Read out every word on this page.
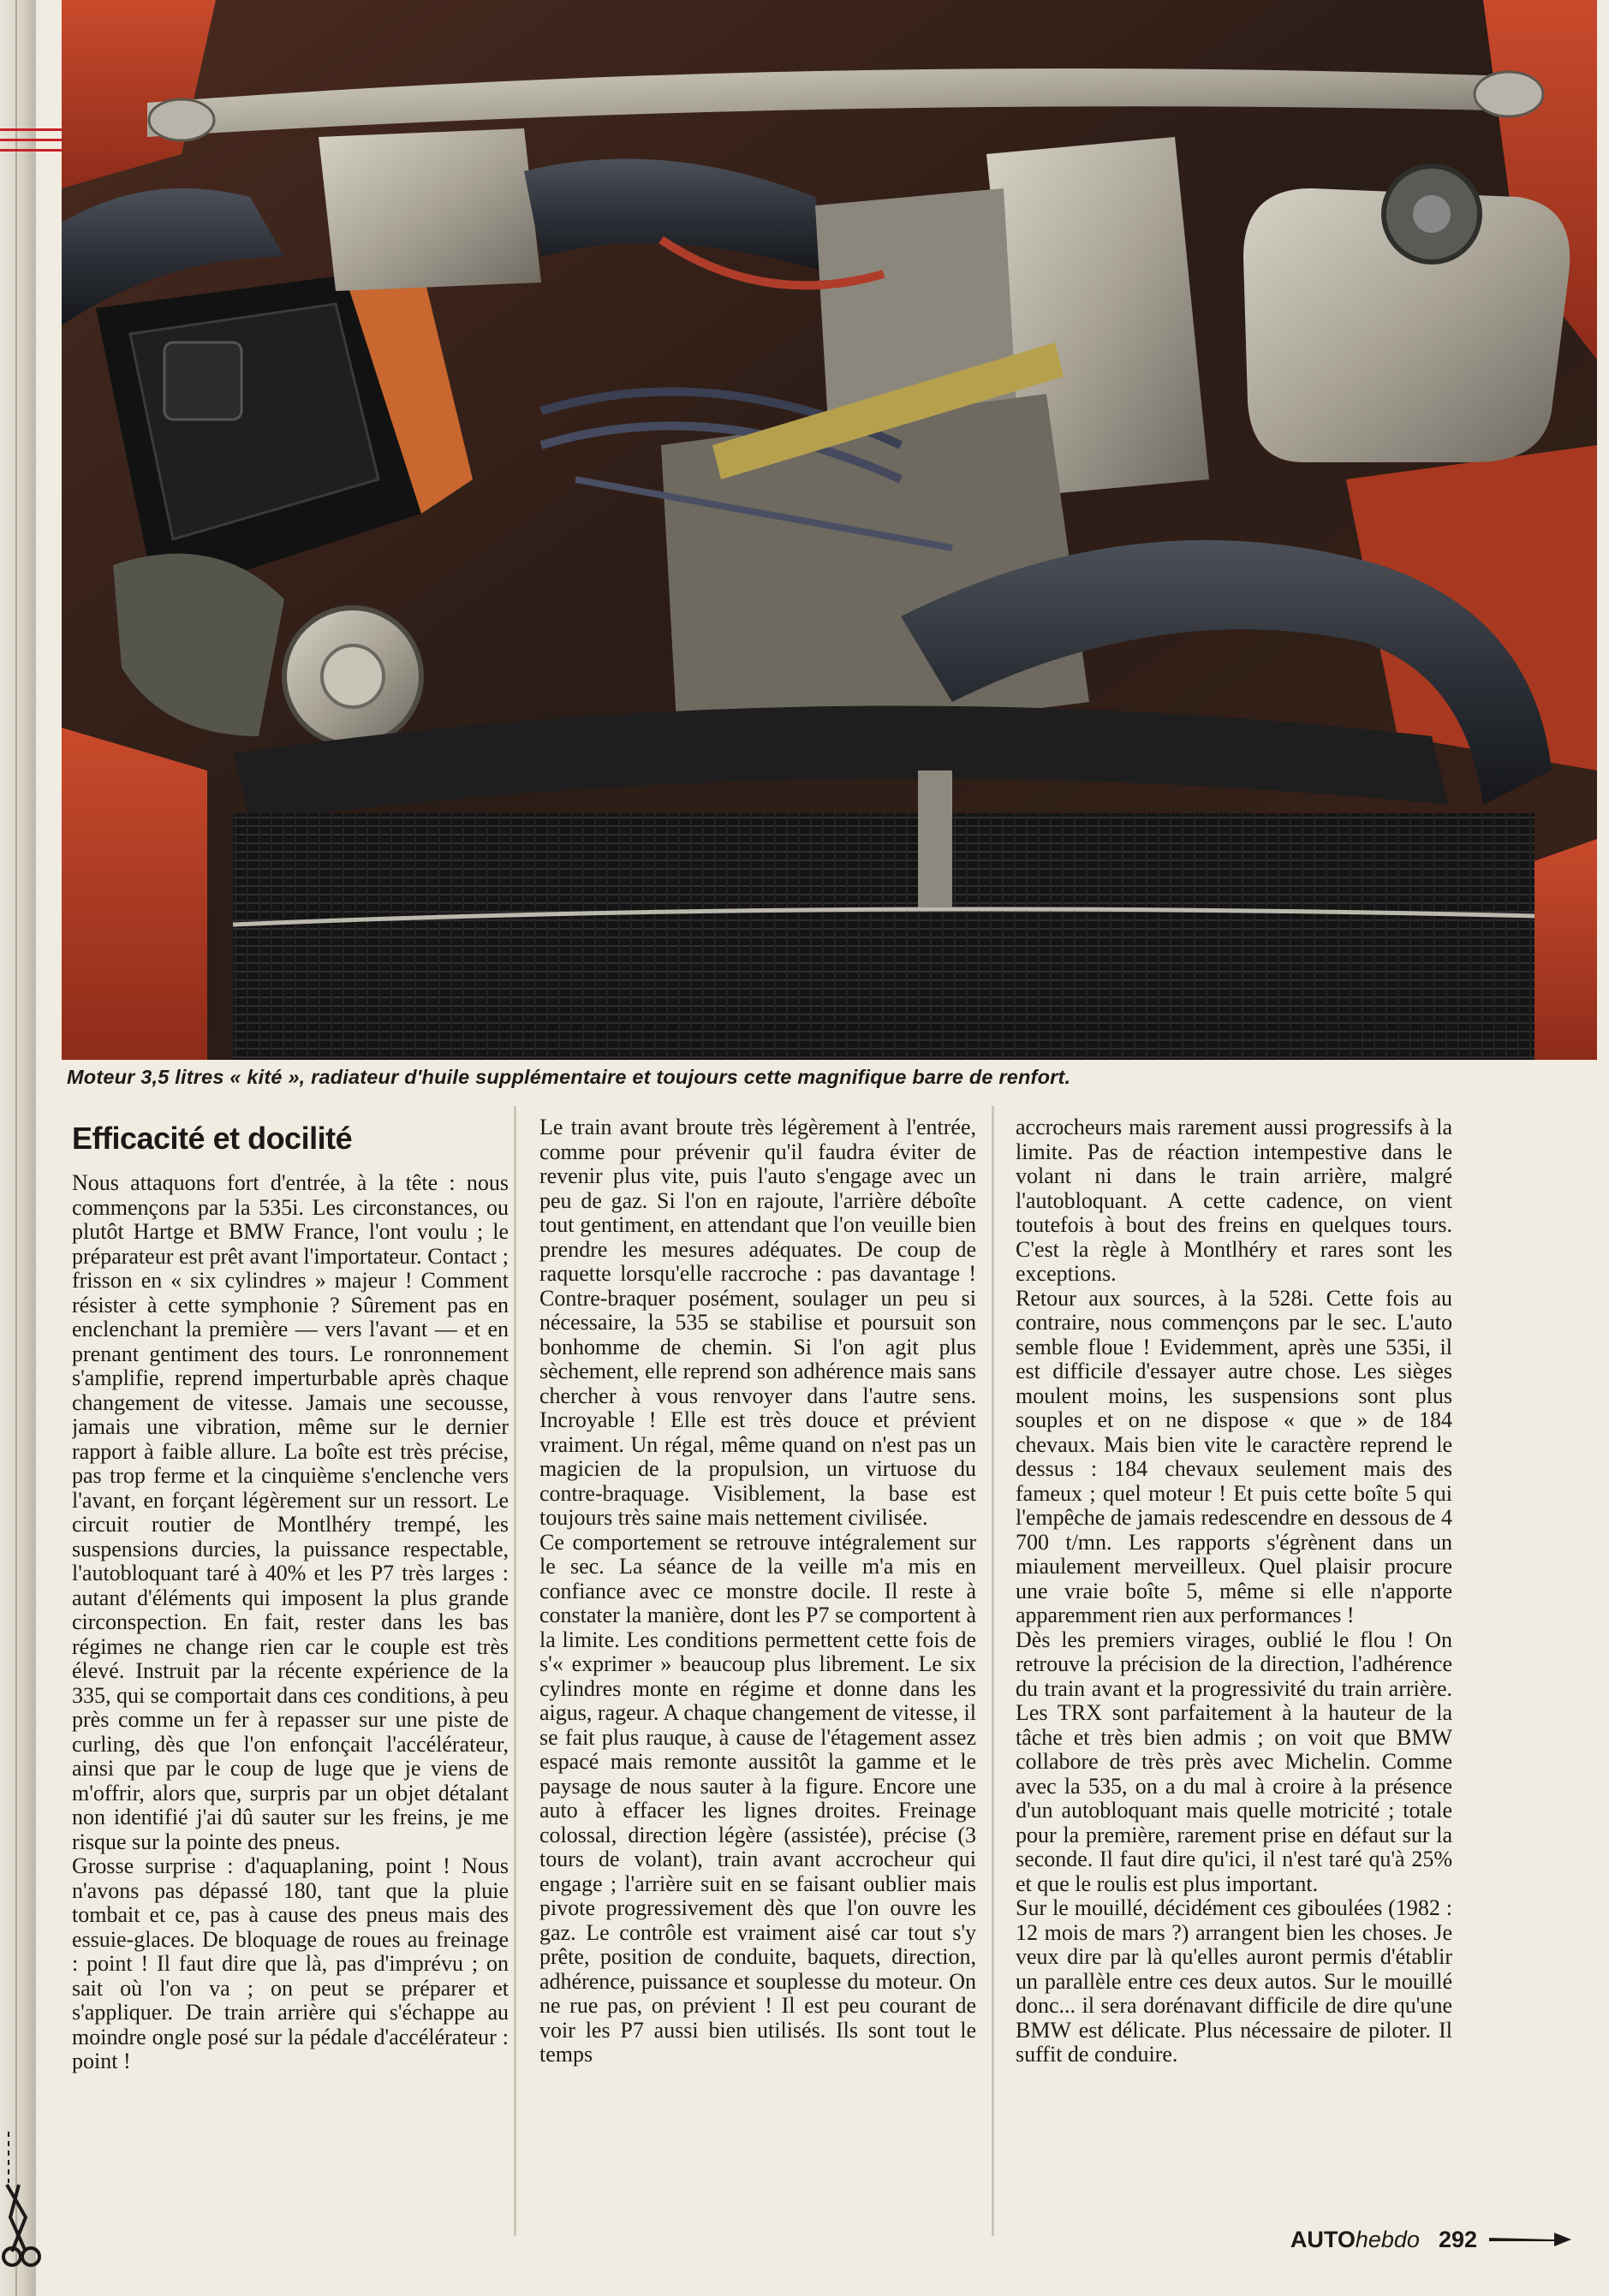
Moteur 3,5 litres « kité », radiateur d'huile supplémentaire et toujours cette magnifique barre de renfort.
Efficacité et docilité

Nous attaquons fort d'entrée, à la tête : nous commençons par la 535i. Les circonstances, ou plutôt Hartge et BMW France, l'ont voulu ; le préparateur est prêt avant l'importateur. Contact ; frisson en « six cylindres » majeur ! Comment résister à cette symphonie ? Sûrement pas en enclenchant la première — vers l'avant — et en prenant gentiment des tours. Le ronronnement s'amplifie, reprend imperturbable après chaque changement de vitesse. Jamais une secousse, jamais une vibration, même sur le dernier rapport à faible allure. La boîte est très précise, pas trop ferme et la cinquième s'enclenche vers l'avant, en forçant légèrement sur un ressort. Le circuit routier de Montlhéry trempé, les suspensions durcies, la puissance respectable, l'autobloquant taré à 40% et les P7 très larges : autant d'éléments qui imposent la plus grande circonspection. En fait, rester dans les bas régimes ne change rien car le couple est très élevé. Instruit par la récente expérience de la 335, qui se comportait dans ces conditions, à peu près comme un fer à repasser sur une piste de curling, dès que l'on enfonçait l'accélérateur, ainsi que par le coup de luge que je viens de m'offrir, alors que, surpris par un objet détalant non identifié j'ai dû sauter sur les freins, je me risque sur la pointe des pneus.

Grosse surprise : d'aquaplaning, point ! Nous n'avons pas dépassé 180, tant que la pluie tombait et ce, pas à cause des pneus mais des essuie-glaces. De bloquage de roues au freinage : point ! Il faut dire que là, pas d'imprévu ; on sait où l'on va ; on peut se préparer et s'appliquer. De train arrière qui s'échappe au moindre ongle posé sur la pédale d'accélérateur : point !

Le train avant broute très légèrement à l'entrée, comme pour prévenir qu'il faudra éviter de revenir plus vite, puis l'auto s'engage avec un peu de gaz. Si l'on en rajoute, l'arrière déboîte tout gentiment, en attendant que l'on veuille bien prendre les mesures adéquates. De coup de raquette lorsqu'elle raccroche : pas davantage ! Contre-braquer posément, soulager un peu si nécessaire, la 535 se stabilise et poursuit son bonhomme de chemin. Si l'on agit plus sèchement, elle reprend son adhérence mais sans chercher à vous renvoyer dans l'autre sens. Incroyable ! Elle est très douce et prévient vraiment. Un régal, même quand on n'est pas un magicien de la propulsion, un virtuose du contre-braquage. Visiblement, la base est toujours très saine mais nettement civilisée.

Ce comportement se retrouve intégralement sur le sec. La séance de la veille m'a mis en confiance avec ce monstre docile. Il reste à constater la manière, dont les P7 se comportent à la limite. Les conditions permettent cette fois de s'« exprimer » beaucoup plus librement. Le six cylindres monte en régime et donne dans les aigus, rageur. A chaque changement de vitesse, il se fait plus rauque, à cause de l'étagement assez espacé mais remonte aussitôt la gamme et le paysage de nous sauter à la figure. Encore une auto à effacer les lignes droites. Freinage colossal, direction légère (assistée), précise (3 tours de volant), train avant accrocheur qui engage ; l'arrière suit en se faisant oublier mais pivote progressivement dès que l'on ouvre les gaz. Le contrôle est vraiment aisé car tout s'y prête, position de conduite, baquets, direction, adhérence, puissance et souplesse du moteur. On ne rue pas, on prévient ! Il est peu courant de voir les P7 aussi bien utilisés. Ils sont tout le temps

accrocheurs mais rarement aussi progressifs à la limite. Pas de réaction intempestive dans le volant ni dans le train arrière, malgré l'autobloquant. A cette cadence, on vient toutefois à bout des freins en quelques tours. C'est la règle à Montlhéry et rares sont les exceptions.

Retour aux sources, à la 528i. Cette fois au contraire, nous commençons par le sec. L'auto semble floue ! Evidemment, après une 535i, il est difficile d'essayer autre chose. Les sièges moulent moins, les suspensions sont plus souples et on ne dispose « que » de 184 chevaux. Mais bien vite le caractère reprend le dessus : 184 chevaux seulement mais des fameux ; quel moteur ! Et puis cette boîte 5 qui l'empêche de jamais redescendre en dessous de 4 700 t/mn. Les rapports s'égrènent dans un miaulement merveilleux. Quel plaisir procure une vraie boîte 5, même si elle n'apporte apparemment rien aux performances !

Dès les premiers virages, oublié le flou ! On retrouve la précision de la direction, l'adhérence du train avant et la progressivité du train arrière. Les TRX sont parfaitement à la hauteur de la tâche et très bien admis ; on voit que BMW collabore de très près avec Michelin. Comme avec la 535, on a du mal à croire à la présence d'un autobloquant mais quelle motricité ; totale pour la première, rarement prise en défaut sur la seconde. Il faut dire qu'ici, il n'est taré qu'à 25% et que le roulis est plus important.

Sur le mouillé, décidément ces giboulées (1982 : 12 mois de mars ?) arrangent bien les choses. Je veux dire par là qu'elles auront permis d'établir un parallèle entre ces deux autos. Sur le mouillé donc... il sera dorénavant difficile de dire qu'une BMW est délicate. Plus nécessaire de piloter. Il suffit de conduire.

AUTOhebdo 292
